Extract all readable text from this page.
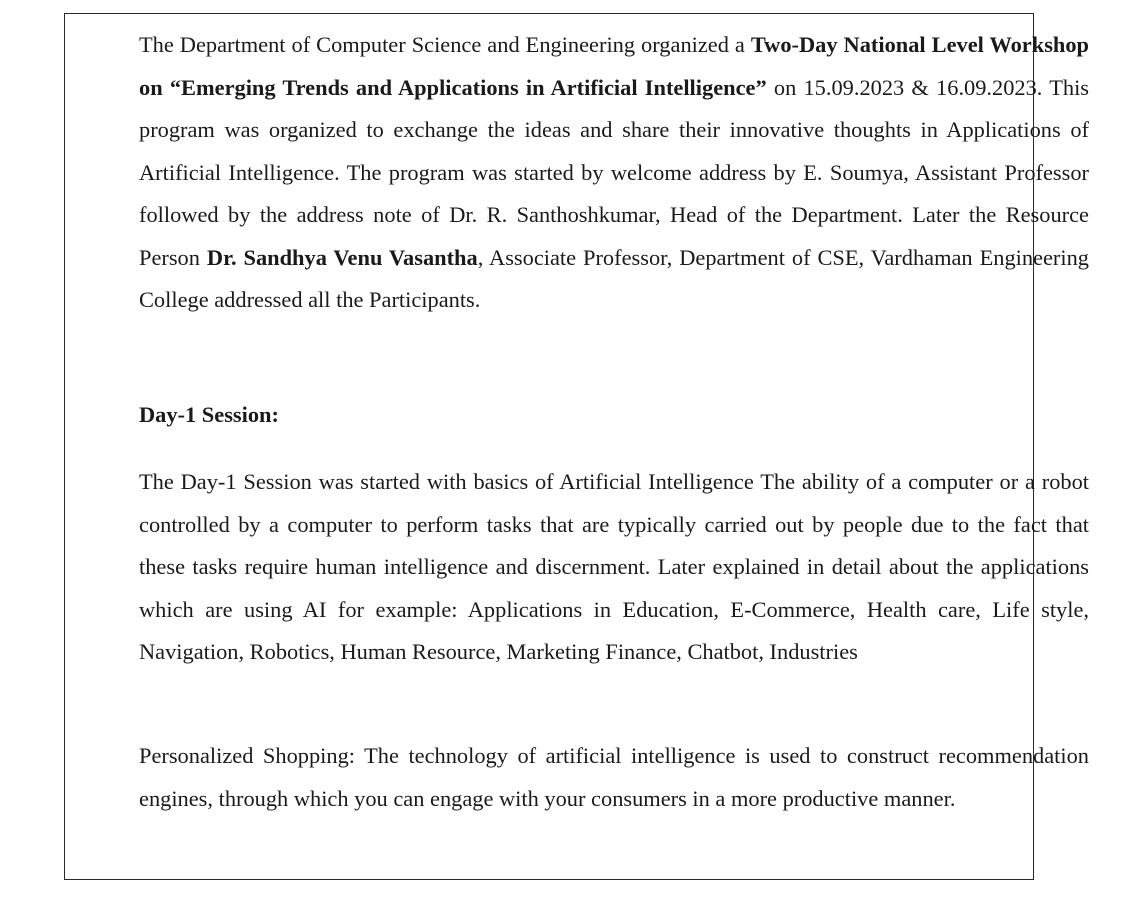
The Department of Computer Science and Engineering organized a Two-Day National Level Workshop on “Emerging Trends and Applications in Artificial Intelligence” on 15.09.2023 & 16.09.2023. This program was organized to exchange the ideas and share their innovative thoughts in Applications of Artificial Intelligence. The program was started by welcome address by E. Soumya, Assistant Professor followed by the address note of Dr. R. Santhoshkumar, Head of the Department. Later the Resource Person Dr. Sandhya Venu Vasantha, Associate Professor, Department of CSE, Vardhaman Engineering College addressed all the Participants.

Day-1 Session:

The Day-1 Session was started with basics of Artificial Intelligence The ability of a computer or a robot controlled by a computer to perform tasks that are typically carried out by people due to the fact that these tasks require human intelligence and discernment. Later explained in detail about the applications which are using AI for example: Applications in Education, E-Commerce, Health care, Life style, Navigation, Robotics, Human Resource, Marketing Finance, Chatbot, Industries

Personalized Shopping: The technology of artificial intelligence is used to construct recommendation engines, through which you can engage with your consumers in a more productive manner.
